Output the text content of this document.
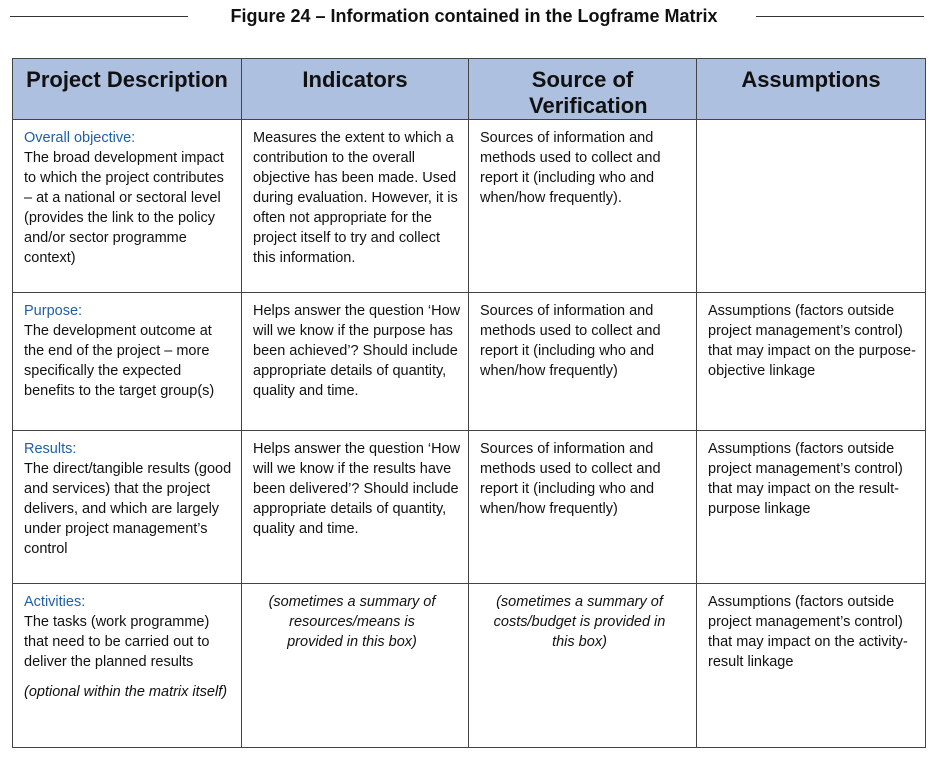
Figure 24 – Information contained in the Logframe Matrix
Project Description	Indicators	Source of Verification	Assumptions

Overall objective:
The broad development impact to which the project contributes – at a national or sectoral level (provides the link to the policy and/or sector programme context)	Measures the extent to which a contribution to the overall objective has been made. Used during evaluation. However, it is often not appropriate for the project itself to try and collect this information.	Sources of information and methods used to collect and report it (including who and when/how frequently).	

Purpose:
The development outcome at the end of the project – more specifically the expected benefits to the target group(s)	Helps answer the question ‘How will we know if the purpose has been achieved’? Should include appropriate details of quantity, quality and time.	Sources of information and methods used to collect and report it (including who and when/how frequently)	Assumptions (factors outside project management’s control) that may impact on the purpose-objective linkage

Results:
The direct/tangible results (good and services) that the project delivers, and which are largely under project management’s control	Helps answer the question ‘How will we know if the results have been delivered’? Should include appropriate details of quantity, quality and time.	Sources of information and methods used to collect and report it (including who and when/how frequently)	Assumptions (factors outside project management’s control) that may impact on the result-purpose linkage

Activities:
The tasks (work programme) that need to be carried out to deliver the planned results
(optional within the matrix itself)	(sometimes a summary of resources/means is provided in this box)	(sometimes a summary of costs/budget is provided in this box)	Assumptions (factors outside project management’s control) that may impact on the activity-result linkage
